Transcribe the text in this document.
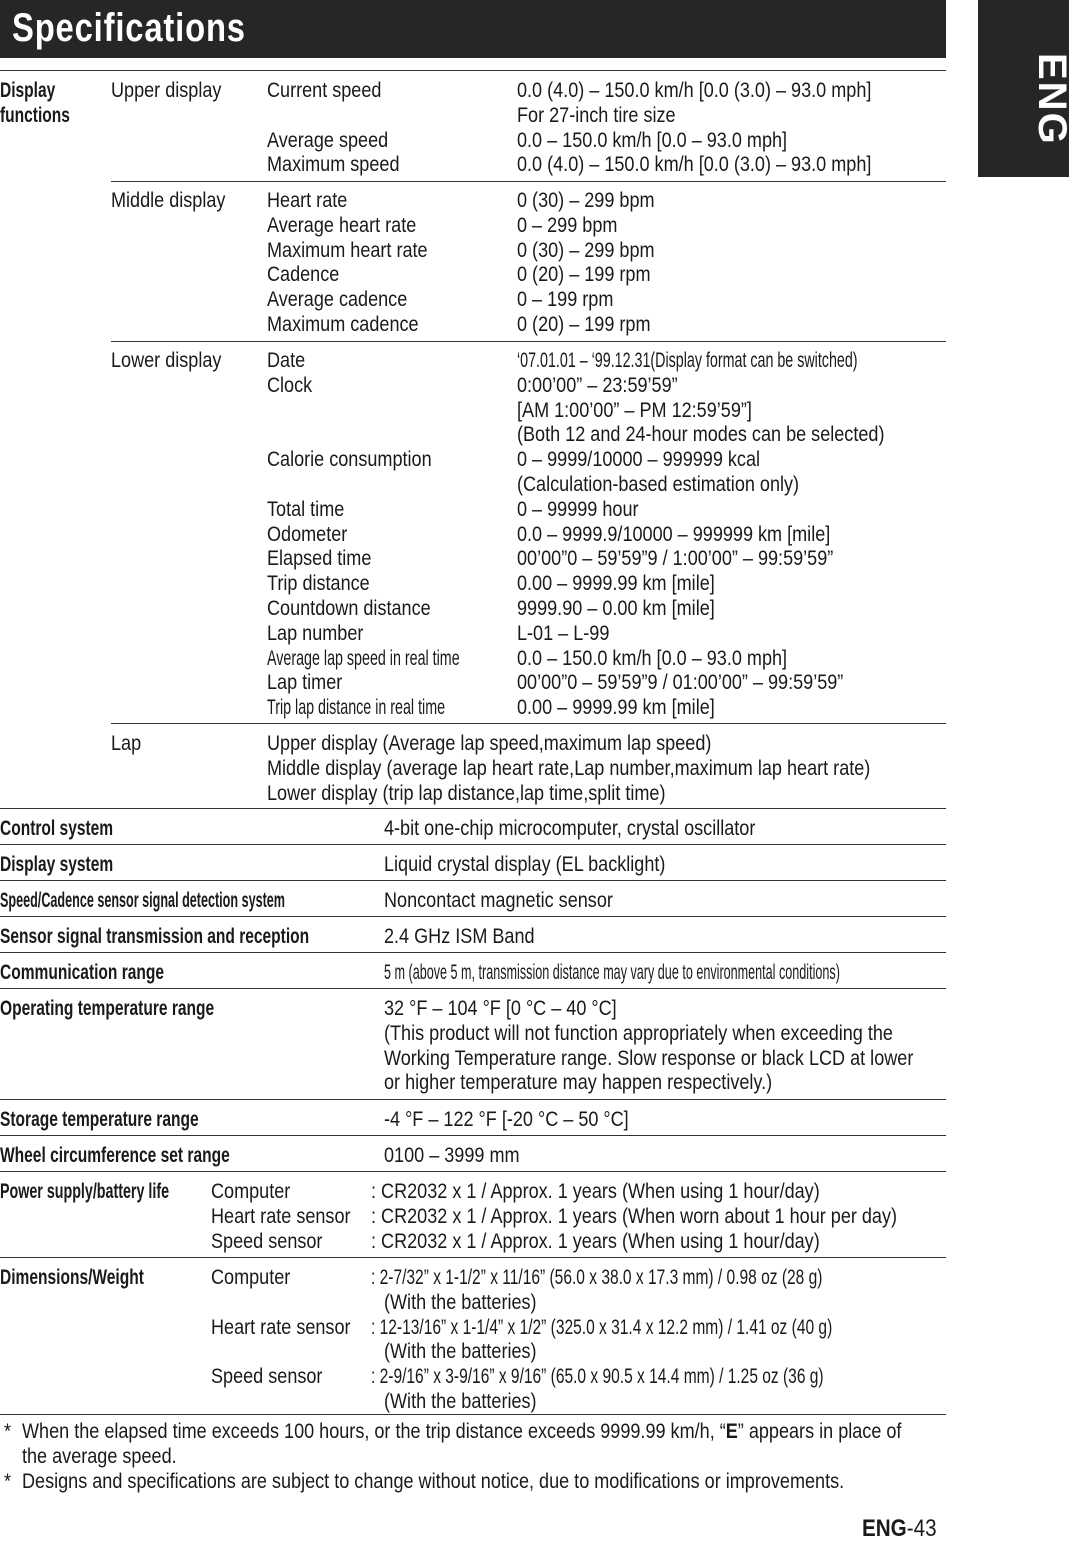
Specifications
ENG
Display
functions
Upper display Current speed	0.0 (4.0) – 150.0 km/h [0.0 (3.0) – 93.0 mph]
For 27-inch tire size
Average speed	0.0 – 150.0 km/h [0.0 – 93.0 mph]
Maximum speed	0.0 (4.0) – 150.0 km/h [0.0 (3.0) – 93.0 mph]
Middle display Heart rate	0 (30) – 299 bpm
Average heart rate	0 – 299 bpm
Maximum heart rate	0 (30) – 299 bpm
Cadence	0 (20) – 199 rpm
Average cadence	0 – 199 rpm
Maximum cadence	0 (20) – 199 rpm
Lower display Date	‘07.01.01 – ‘99.12.31(Display format can be switched)
Clock	0:00’00” – 23:59’59”
[AM 1:00’00” – PM 12:59’59”]
(Both 12 and 24-hour modes can be selected)
Calorie consumption	0 – 9999/10000 – 999999 kcal
(Calculation-based estimation only)
Total time	0 – 99999 hour
Odometer	0.0 – 9999.9/10000 – 999999 km [mile]
Elapsed time	00’00”0 – 59’59”9 / 1:00’00” – 99:59’59”
Trip distance	0.00 – 9999.99 km [mile]
Countdown distance	9999.90 – 0.00 km [mile]
Lap number	L-01 – L-99
Average lap speed in real time	0.0 – 150.0 km/h [0.0 – 93.0 mph]
Lap timer	00’00”0 – 59’59”9 / 01:00’00” – 99:59’59”
Trip lap distance in real time	0.00 – 9999.99 km [mile]
Lap	Upper display (Average lap speed,maximum lap speed)
Middle display (average lap heart rate,Lap number,maximum lap heart rate)
Lower display (trip lap distance,lap time,split time)
Control system	4-bit one-chip microcomputer, crystal oscillator
Display system	Liquid crystal display (EL backlight)
Speed/Cadence sensor signal detection system	Noncontact magnetic sensor
Sensor signal transmission and reception	2.4 GHz ISM Band
Communication range	5 m (above 5 m, transmission distance may vary due to environmental conditions)
Operating temperature range	32 °F – 104 °F [0 °C – 40 °C]
(This product will not function appropriately when exceeding the
Working Temperature range. Slow response or black LCD at lower
or higher temperature may happen respectively.)
Storage temperature range	-4 °F – 122 °F [-20 °C – 50 °C]
Wheel circumference set range	0100 – 3999 mm
Power supply/battery life Computer	: CR2032 x 1 / Approx. 1 years (When using 1 hour/day)
Heart rate sensor : CR2032 x 1 / Approx. 1 years (When worn about 1 hour per day)
Speed sensor : CR2032 x 1 / Approx. 1 years (When using 1 hour/day)
Dimensions/Weight	Computer	: 2-7/32” x 1-1/2” x 11/16” (56.0 x 38.0 x 17.3 mm) / 0.98 oz (28 g)
(With the batteries)
Heart rate sensor : 12-13/16” x 1-1/4” x 1/2” (325.0 x 31.4 x 12.2 mm) / 1.41 oz (40 g)
(With the batteries)
Speed sensor : 2-9/16” x 3-9/16” x 9/16” (65.0 x 90.5 x 14.4 mm) / 1.25 oz (36 g)
(With the batteries)
* When the elapsed time exceeds 100 hours, or the trip distance exceeds 9999.99 km/h, “E” appears in place of
the average speed.
* Designs and specifications are subject to change without notice, due to modifications or improvements.
ENG-43
